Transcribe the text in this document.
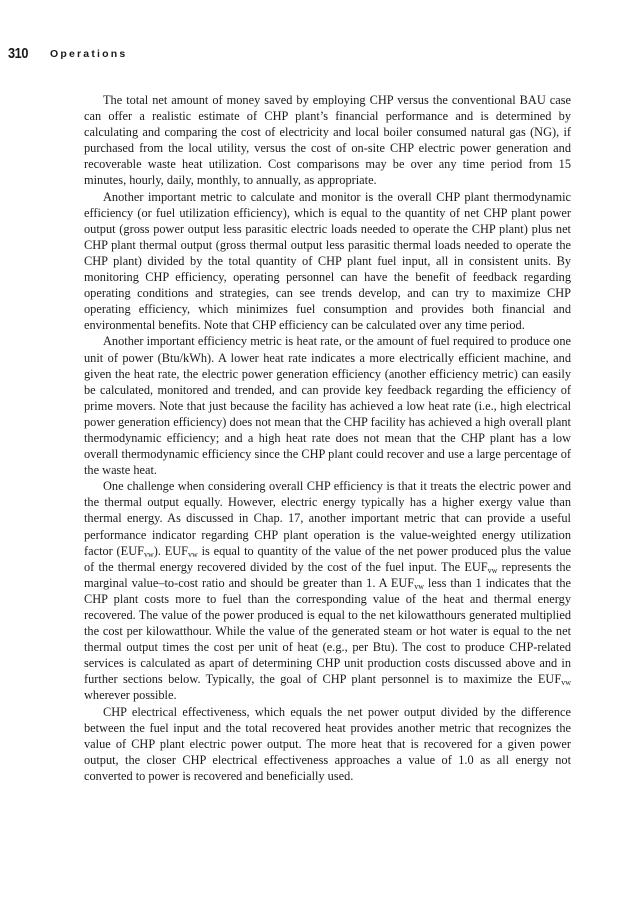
310 Operations

The total net amount of money saved by employing CHP versus the conventional BAU case can offer a realistic estimate of CHP plant’s financial performance and is determined by calculating and comparing the cost of electricity and local boiler consumed natural gas (NG), if purchased from the local utility, versus the cost of on-site CHP electric power generation and recoverable waste heat utilization. Cost comparisons may be over any time period from 15 minutes, hourly, daily, monthly, to annually, as appropriate.

Another important metric to calculate and monitor is the overall CHP plant thermodynamic efficiency (or fuel utilization efficiency), which is equal to the quantity of net CHP plant power output (gross power output less parasitic electric loads needed to operate the CHP plant) plus net CHP plant thermal output (gross thermal output less parasitic thermal loads needed to operate the CHP plant) divided by the total quantity of CHP plant fuel input, all in consistent units. By monitoring CHP efficiency, operating personnel can have the benefit of feedback regarding operating conditions and strategies, can see trends develop, and can try to maximize CHP operating efficiency, which minimizes fuel consumption and provides both financial and environmental benefits. Note that CHP efficiency can be calculated over any time period.

Another important efficiency metric is heat rate, or the amount of fuel required to produce one unit of power (Btu/kWh). A lower heat rate indicates a more electrically efficient machine, and given the heat rate, the electric power generation efficiency (another efficiency metric) can easily be calculated, monitored and trended, and can provide key feedback regarding the efficiency of prime movers. Note that just because the facility has achieved a low heat rate (i.e., high electrical power generation efficiency) does not mean that the CHP facility has achieved a high overall plant thermodynamic efficiency; and a high heat rate does not mean that the CHP plant has a low overall thermodynamic efficiency since the CHP plant could recover and use a large percentage of the waste heat.

One challenge when considering overall CHP efficiency is that it treats the electric power and the thermal output equally. However, electric energy typically has a higher exergy value than thermal energy. As discussed in Chap. 17, another important metric that can provide a useful performance indicator regarding CHP plant operation is the value-weighted energy utilization factor $(EUF_{vw})$. $EUF_{vw}$ is equal to quantity of the value of the net power produced plus the value of the thermal energy recovered divided by the cost of the fuel input. The $EUF_{vw}$ represents the marginal value–to-cost ratio and should be greater than 1. A $EUF_{vw}$ less than 1 indicates that the CHP plant costs more to fuel than the corresponding value of the heat and thermal energy recovered. The value of the power produced is equal to the net kilowatthours generated multiplied the cost per kilowatthour. While the value of the generated steam or hot water is equal to the net thermal output times the cost per unit of heat (e.g., per Btu). The cost to produce CHP-related services is calculated as apart of determining CHP unit production costs discussed above and in further sections below. Typically, the goal of CHP plant personnel is to maximize the $EUF_{vw}$ wherever possible.

CHP electrical effectiveness, which equals the net power output divided by the difference between the fuel input and the total recovered heat provides another metric that recognizes the value of CHP plant electric power output. The more heat that is recovered for a given power output, the closer CHP electrical effectiveness approaches a value of 1.0 as all energy not converted to power is recovered and beneficially used.
